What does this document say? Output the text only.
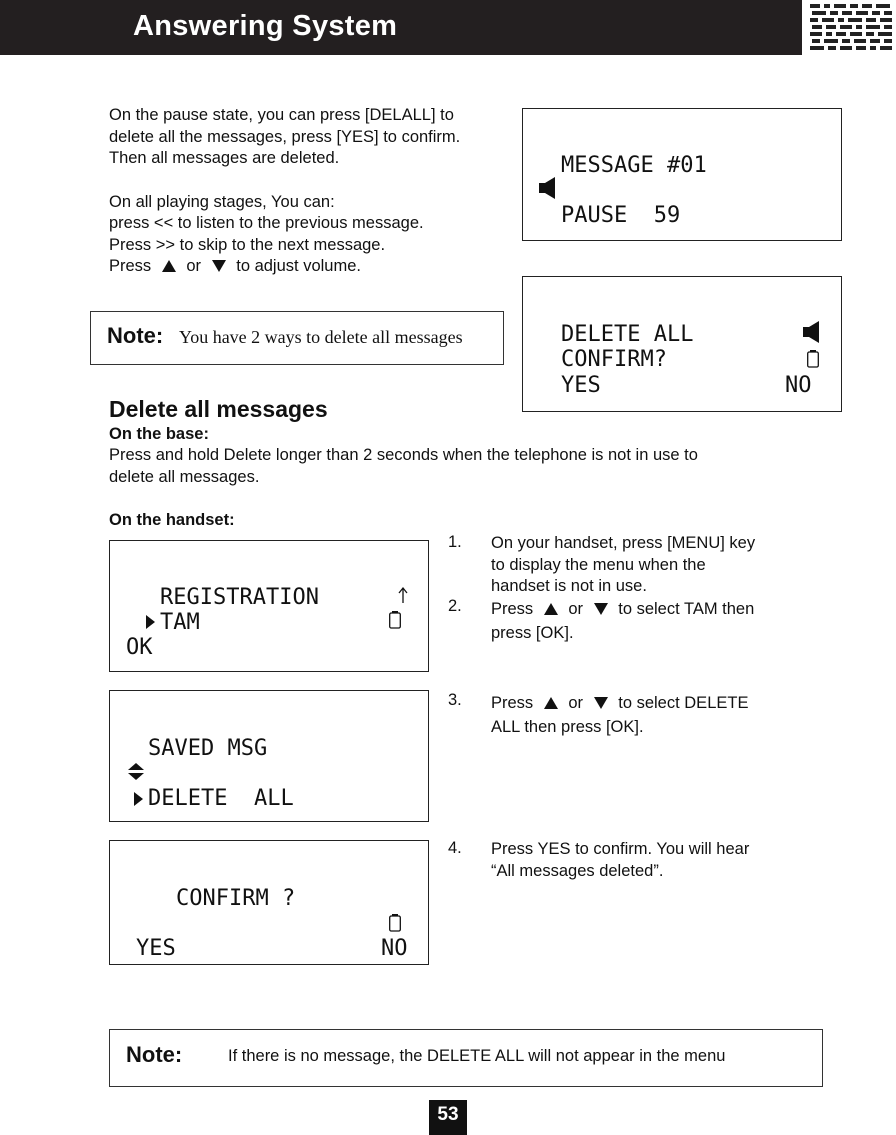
Answering System
On the pause state, you can press [DELALL] to
delete all the messages, press [YES] to confirm.
Then all messages are deleted.
On all playing stages, You can:
press << to listen to the previous message.
Press >> to skip to the next message.
Press or to adjust volume.
MESSAGE #01
PAUSE  59
DELETE ALL
CONFIRM?
YES	NO
Note: You have 2 ways to delete all messages
Delete all messages
On the base:
Press and hold Delete longer than 2 seconds when the telephone is not in use to
delete all messages.
On the handset:
REGISTRATION
TAM
OK
SAVED MSG
DELETE  ALL
CONFIRM ?
YES	NO
1. On your handset, press [MENU] key
to display the menu when the
handset is not in use.
2. Press or to select TAM then
press [OK].
3. Press or to select DELETE
ALL then press [OK].
4. Press YES to confirm. You will hear
“All messages deleted”.
Note:	If there is no message, the DELETE ALL will not appear in the menu
53
